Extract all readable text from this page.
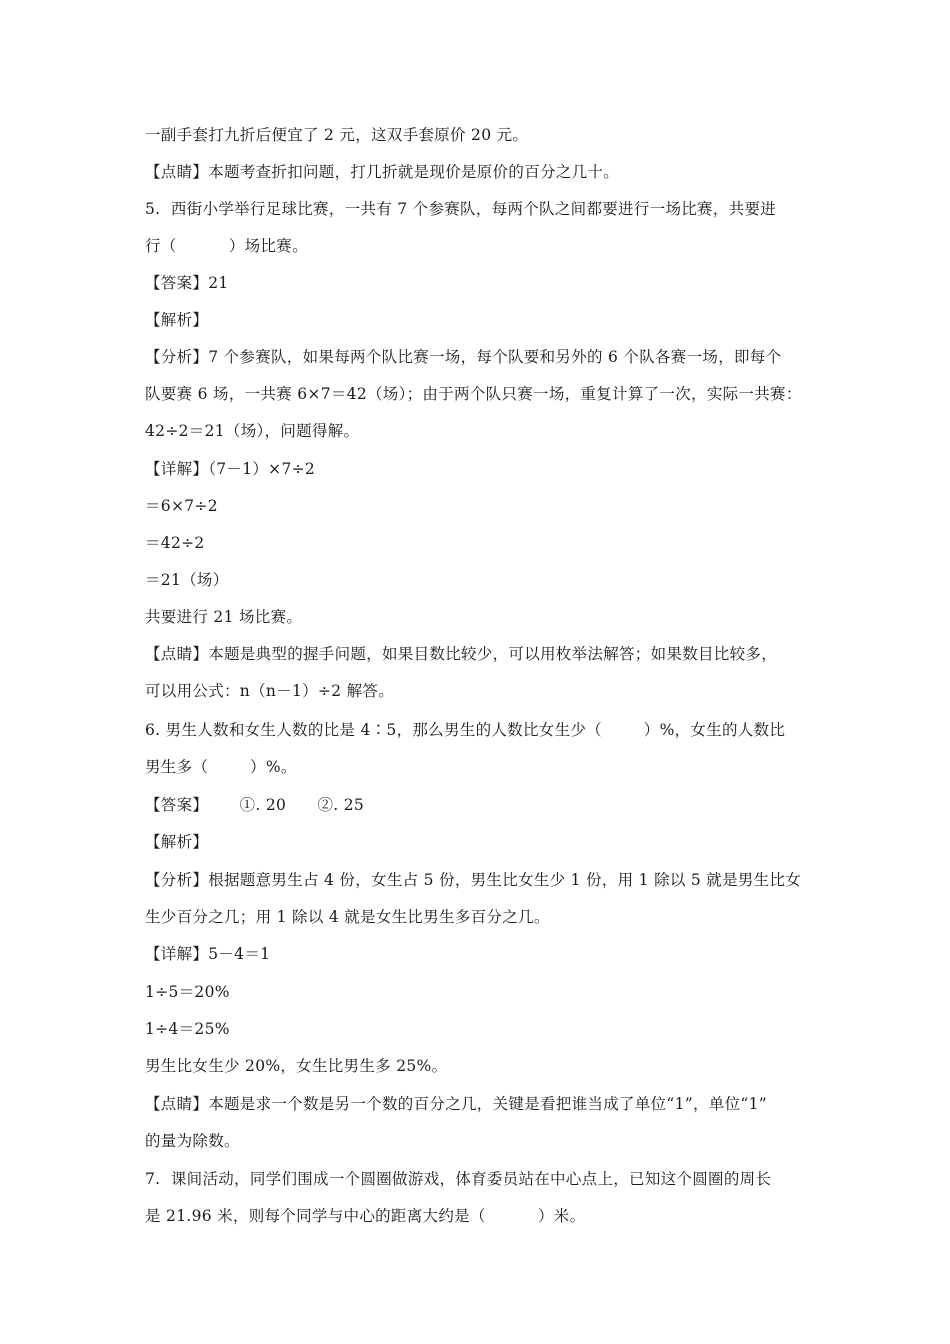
一副手套打九折后便宜了 2 元，这双手套原价 20 元。
【点睛】本题考查折扣问题，打几折就是现价是原价的百分之几十。
5.  西街小学举行足球比赛，一共有 7 个参赛队，每两个队之间都要进行一场比赛，共要进
行（          ）场比赛。
【答案】21
【解析】
【分析】7 个参赛队，如果每两个队比赛一场，每个队要和另外的 6 个队各赛一场，即每个
队要赛 6 场，一共赛 6×7＝42（场）；由于两个队只赛一场，重复计算了一次，实际一共赛：
42÷2＝21（场），问题得解。
【详解】（7－1）×7÷2
＝6×7÷2
＝42÷2
＝21（场）
共要进行 21 场比赛。
【点睛】本题是典型的握手问题，如果目数比较少，可以用枚举法解答；如果数目比较多，
可以用公式：n（n－1）÷2 解答。
6. 男生人数和女生人数的比是 4∶5，那么男生的人数比女生少（        ）%，女生的人数比
男生多（        ）%。
【答案】      ①. 20      ②. 25
【解析】
【分析】根据题意男生占 4 份，女生占 5 份，男生比女生少 1 份，用 1 除以 5 就是男生比女
生少百分之几；用 1 除以 4 就是女生比男生多百分之几。
【详解】5－4＝1
1÷5＝20%
1÷4＝25%
男生比女生少 20%，女生比男生多 25%。
【点睛】本题是求一个数是另一个数的百分之几，关键是看把谁当成了单位“1”，单位“1”
的量为除数。
7.  课间活动，同学们围成一个圆圈做游戏，体育委员站在中心点上，已知这个圆圈的周长
是 21.96 米，则每个同学与中心的距离大约是（          ）米。
